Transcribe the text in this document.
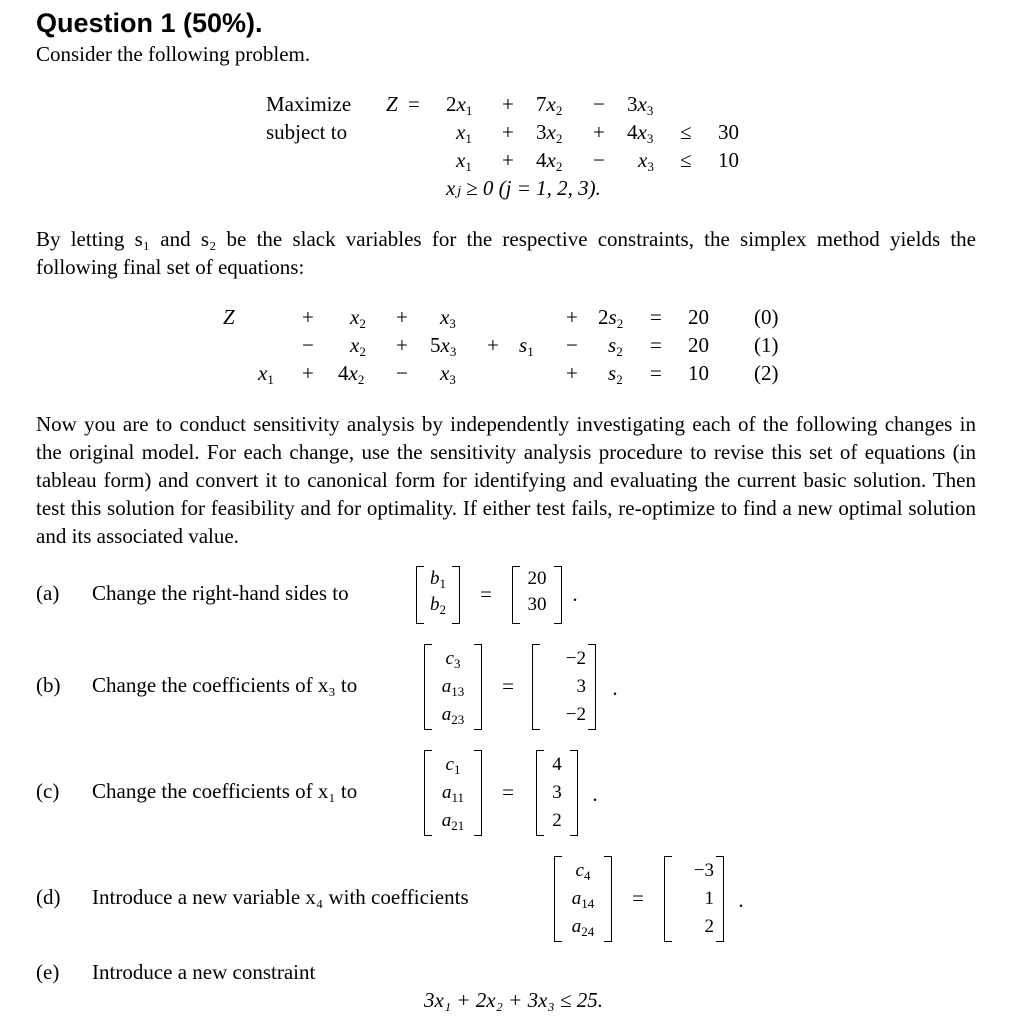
Question 1 (50%).
Consider the following problem.
Maximize $Z = 2x_1 + 7x_2 - 3x_3$
subject to	$x_1 + 3x_2 + 4x_3 \le 30$
$x_1 + 4x_2 - x_3 \le 10$
xⱼ ≥ 0 (j = 1, 2, 3).
By letting s₁ and s₂ be the slack variables for the respective constraints, the simplex method yields the following final set of equations:
Z	+ $x_2 + x_3$	+ $2s_2 = 20$ (0)
− $x_2 + 5x_3 + s_1 - s_2 = 20$ (1)
$x_1 + 4x_2 - x_3$	+ $s_2 = 10$ (2)
Now you are to conduct sensitivity analysis by independently investigating each of the following changes in the original model. For each change, use the sensitivity analysis procedure to revise this set of equations (in tableau form) and convert it to canonical form for identifying and evaluating the current basic solution. Then test this solution for feasibility and for optimality. If either test fails, re-optimize to find a new optimal solution and its associated value.
(a) Change the right-hand sides to
$b_1$
$b_2$
=
20
30	.
(b) Change the coefficients of x₃ to
$c_3$
$a_{13}$
$a_{23}$
=
−2
3
−2
.
(c) Change the coefficients of x₁ to
$c_1$
$a_{11}$
$a_{21}$
=
4
3
2
.
(d) Introduce a new variable x₄ with coefficients
$c_4$
$a_{14}$
$a_{24}$
=
−3
1
2
.
(e) Introduce a new constraint
3x₁ + 2x₂ + 3x₃ ≤ 25.
